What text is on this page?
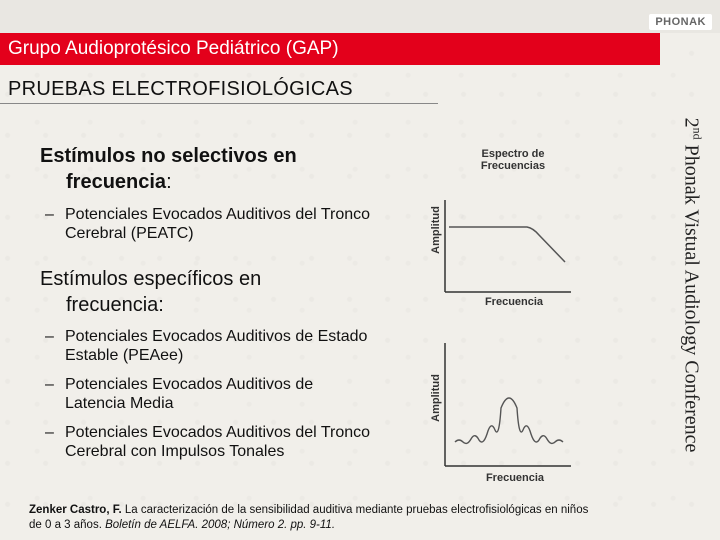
PHONAK
Grupo Audioprotésico Pediátrico (GAP)
PRUEBAS ELECTROFISIOLÓGICAS
2nd Phonak Vistual Audiology Conference
Estímulos no selectivos en
frecuencia:
– Potenciales Evocados Auditivos del Tronco
Cerebral (PEATC)
Estímulos específicos en
frecuencia:
– Potenciales Evocados Auditivos de Estado
Estable (PEAee)
– Potenciales Evocados Auditivos de
Latencia Media
– Potenciales Evocados Auditivos del Tronco
Cerebral con Impulsos Tonales
Espectro de
Frecuencias
Amplitud
Frecuencia
Amplitud
Frecuencia
Zenker Castro, F. La caracterización de la sensibilidad auditiva mediante pruebas electrofisiológicas en niños de 0 a 3 años. Boletín de AELFA. 2008; Número 2. pp. 9-11.
